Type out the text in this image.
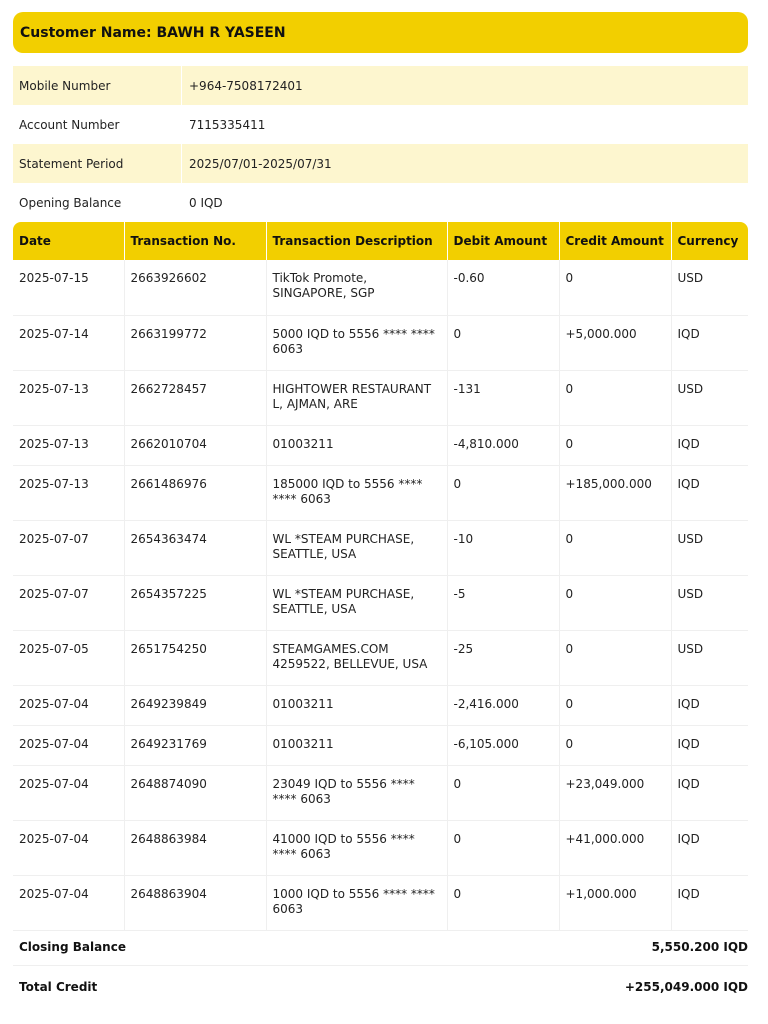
Customer Name: BAWH R YASEEN
Mobile Number	+964-7508172401
Account Number	7115335411
Statement Period	2025/07/01-2025/07/31
Opening Balance	0 IQD
Date	Transaction No.	Transaction Description	Debit Amount	Credit Amount	Currency
2025-07-15	2663926602	TikTok Promote, SINGAPORE, SGP	-0.60	0	USD
2025-07-14	2663199772	5000 IQD to 5556 **** **** 6063	0	+5,000.000	IQD
2025-07-13	2662728457	HIGHTOWER RESTAURANT L, AJMAN, ARE	-131	0	USD
2025-07-13	2662010704	01003211	-4,810.000	0	IQD
2025-07-13	2661486976	185000 IQD to 5556 **** **** 6063	0	+185,000.000	IQD
2025-07-07	2654363474	WL *STEAM PURCHASE, SEATTLE, USA	-10	0	USD
2025-07-07	2654357225	WL *STEAM PURCHASE, SEATTLE, USA	-5	0	USD
2025-07-05	2651754250	STEAMGAMES.COM 4259522, BELLEVUE, USA	-25	0	USD
2025-07-04	2649239849	01003211	-2,416.000	0	IQD
2025-07-04	2649231769	01003211	-6,105.000	0	IQD
2025-07-04	2648874090	23049 IQD to 5556 **** **** 6063	0	+23,049.000	IQD
2025-07-04	2648863984	41000 IQD to 5556 **** **** 6063	0	+41,000.000	IQD
2025-07-04	2648863904	1000 IQD to 5556 **** **** 6063	0	+1,000.000	IQD
Closing Balance	5,550.200 IQD
Total Credit	+255,049.000 IQD
